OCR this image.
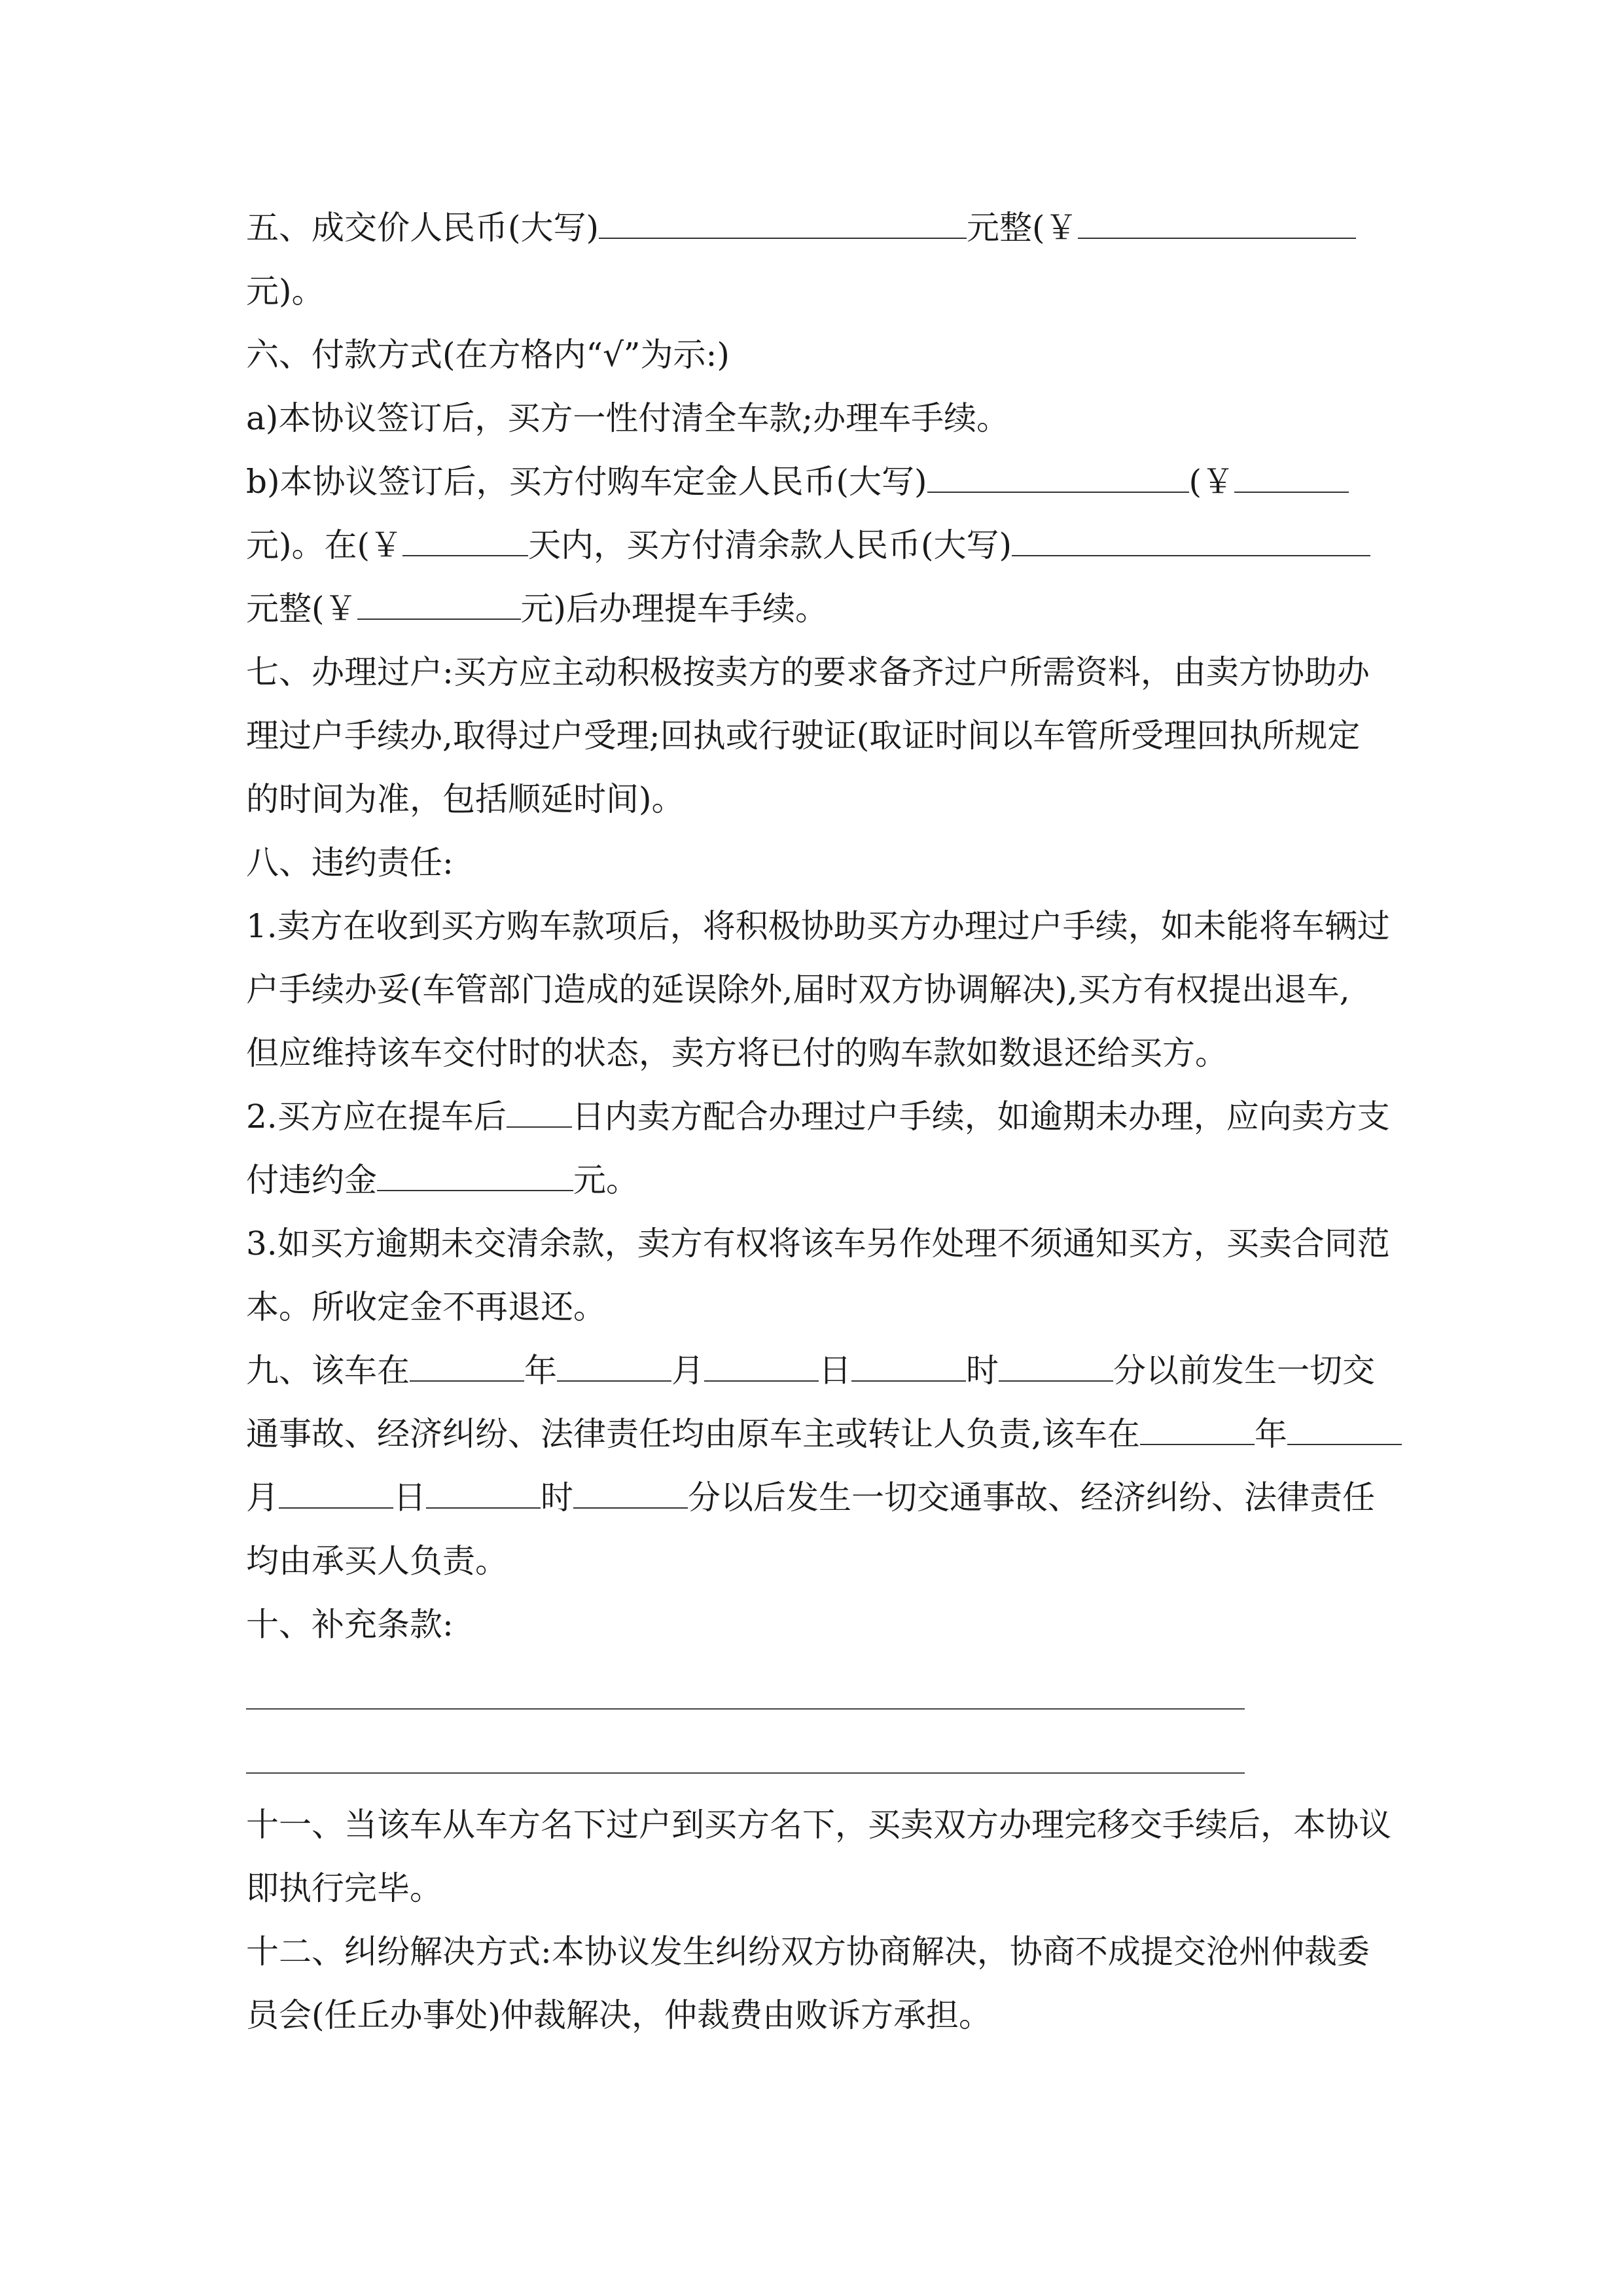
五、成交价人民币(大写)	元整(￥
元)。
六、付款方式(在方格内“√”为示:)
a)本协议签订后，买方一性付清全车款;办理车手续。
b)本协议签订后，买方付购车定金人民币(大写)	(￥
元)。在(￥	天内，买方付清余款人民币(大写)
元整(￥	元)后办理提车手续。
七、办理过户:买方应主动积极按卖方的要求备齐过户所需资料，由卖方协助办
理过户手续办,取得过户受理;回执或行驶证(取证时间以车管所受理回执所规定
的时间为准，包括顺延时间)。
八、违约责任:
1.卖方在收到买方购车款项后，将积极协助买方办理过户手续，如未能将车辆过
户手续办妥(车管部门造成的延误除外,届时双方协调解决),买方有权提出退车,
但应维持该车交付时的状态，卖方将已付的购车款如数退还给买方。
2.买方应在提车后 日内卖方配合办理过户手续，如逾期未办理，应向卖方支
付违约金	元。
3.如买方逾期未交清余款，卖方有权将该车另作处理不须通知买方，买卖合同范
本。所收定金不再退还。
九、该车在	年	月	日	时	分以前发生一切交
通事故、经济纠纷、法律责任均由原车主或转让人负责,该车在	年
月	日	时	分以后发生一切交通事故、经济纠纷、法律责任
均由承买人负责。
十、补充条款:
十一、当该车从车方名下过户到买方名下，买卖双方办理完移交手续后，本协议
即执行完毕。
十二、纠纷解决方式:本协议发生纠纷双方协商解决，协商不成提交沧州仲裁委
员会(任丘办事处)仲裁解决，仲裁费由败诉方承担。
